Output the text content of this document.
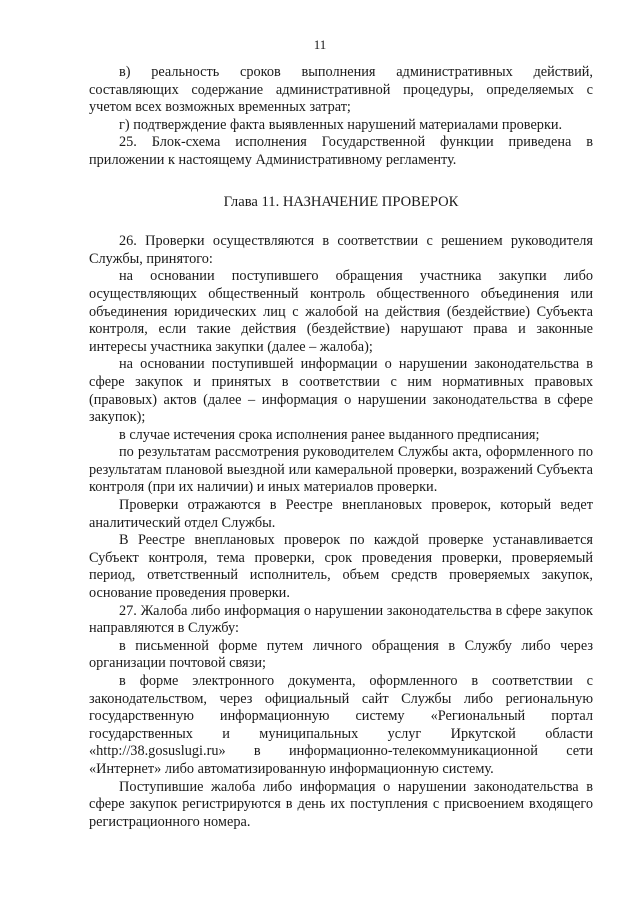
11

в) реальность сроков выполнения административных действий, составляющих содержание административной процедуры, определяемых с учетом всех возможных временных затрат;

г) подтверждение факта выявленных нарушений материалами проверки.

25. Блок-схема исполнения Государственной функции приведена в приложении к настоящему Административному регламенту.

Глава 11. НАЗНАЧЕНИЕ ПРОВЕРОК

26. Проверки осуществляются в соответствии с решением руководителя Службы, принятого:

на основании поступившего обращения участника закупки либо осуществляющих общественный контроль общественного объединения или объединения юридических лиц с жалобой на действия (бездействие) Субъекта контроля, если такие действия (бездействие) нарушают права и законные интересы участника закупки (далее – жалоба);

на основании поступившей информации о нарушении законодательства в сфере закупок и принятых в соответствии с ним нормативных правовых (правовых) актов (далее – информация о нарушении законодательства в сфере закупок);

в случае истечения срока исполнения ранее выданного предписания;

по результатам рассмотрения руководителем Службы акта, оформленного по результатам плановой выездной или камеральной проверки, возражений Субъекта контроля (при их наличии) и иных материалов проверки.

Проверки отражаются в Реестре внеплановых проверок, который ведет аналитический отдел Службы.

В Реестре внеплановых проверок по каждой проверке устанавливается Субъект контроля, тема проверки, срок проведения проверки, проверяемый период, ответственный исполнитель, объем средств проверяемых закупок, основание проведения проверки.

27. Жалоба либо информация о нарушении законодательства в сфере закупок направляются в Службу:

в письменной форме путем личного обращения в Службу либо через организации почтовой связи;

в форме электронного документа, оформленного в соответствии с законодательством, через официальный сайт Службы либо региональную государственную информационную систему «Региональный портал государственных и муниципальных услуг Иркутской области «http://38.gosuslugi.ru» в информационно-телекоммуникационной сети «Интернет» либо автоматизированную информационную систему.

Поступившие жалоба либо информация о нарушении законодательства в сфере закупок регистрируются в день их поступления с присвоением входящего регистрационного номера.
